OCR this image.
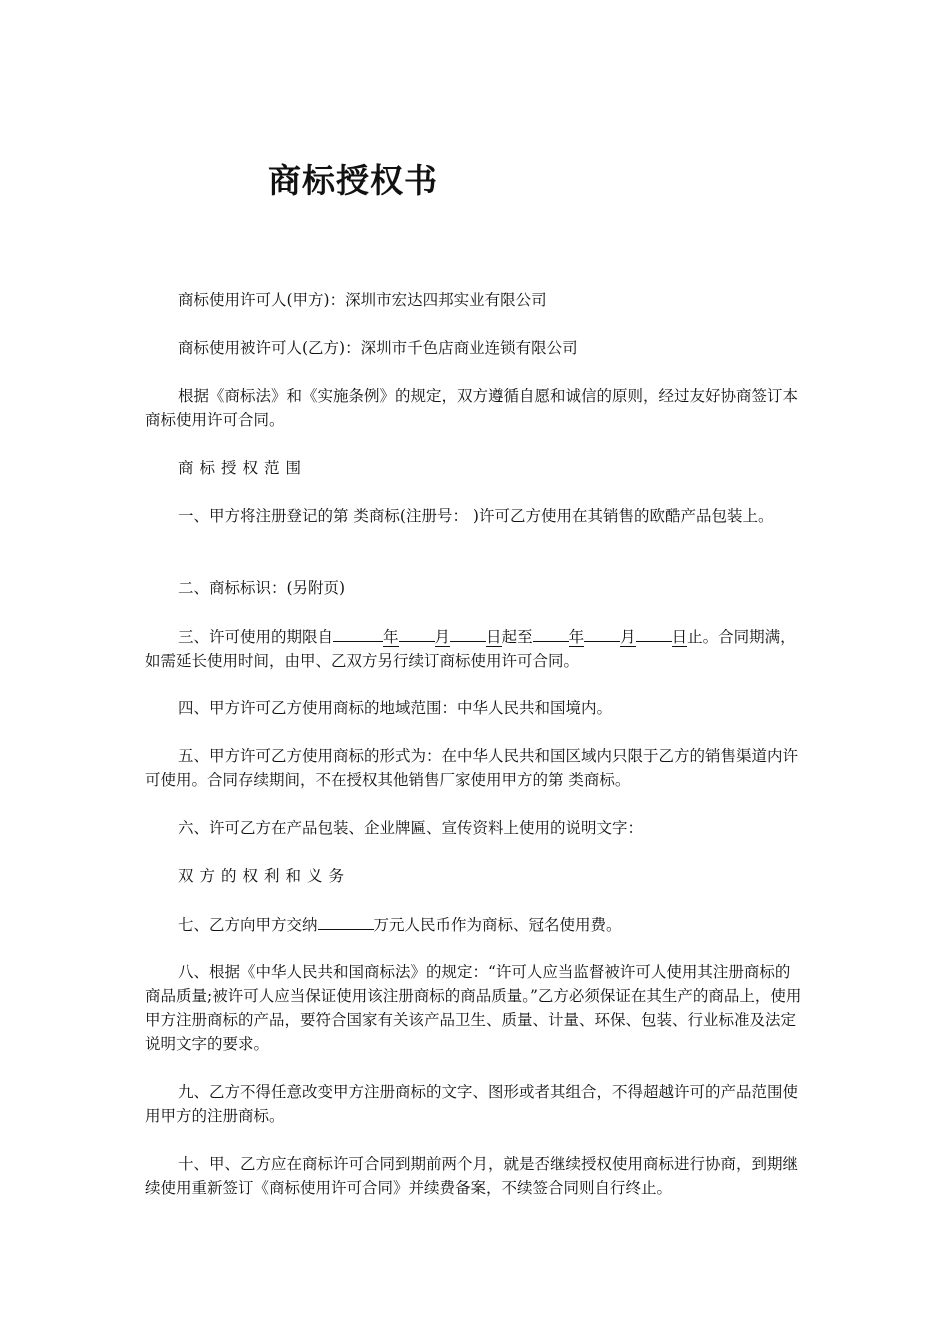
商标授权书
商标使用许可人(甲方)：深圳市宏达四邦实业有限公司
商标使用被许可人(乙方)：深圳市千色店商业连锁有限公司
根据《商标法》和《实施条例》的规定，双方遵循自愿和诚信的原则，经过友好协商签订本商标使用许可合同。
商标授权范围
一、甲方将注册登记的第 类商标(注册号： )许可乙方使用在其销售的欧酷产品包装上。
二、商标标识：(另附页)
三、许可使用的期限自	年 月 日起至 年 月 日止。合同期满，如需延长使用时间，由甲、乙双方另行续订商标使用许可合同。
四、甲方许可乙方使用商标的地域范围：中华人民共和国境内。
五、甲方许可乙方使用商标的形式为：在中华人民共和国区域内只限于乙方的销售渠道内许可使用。合同存续期间，不在授权其他销售厂家使用甲方的第 类商标。
六、许可乙方在产品包装、企业牌匾、宣传资料上使用的说明文字：
双方的权利和义务
七、乙方向甲方交纳	万元人民币作为商标、冠名使用费。
八、根据《中华人民共和国商标法》的规定：“许可人应当监督被许可人使用其注册商标的商品质量;被许可人应当保证使用该注册商标的商品质量。”乙方必须保证在其生产的商品上，使用甲方注册商标的产品，要符合国家有关该产品卫生、质量、计量、环保、包装、行业标准及法定说明文字的要求。
九、乙方不得任意改变甲方注册商标的文字、图形或者其组合，不得超越许可的产品范围使用甲方的注册商标。
十、甲、乙方应在商标许可合同到期前两个月，就是否继续授权使用商标进行协商，到期继续使用重新签订《商标使用许可合同》并续费备案，不续签合同则自行终止。
